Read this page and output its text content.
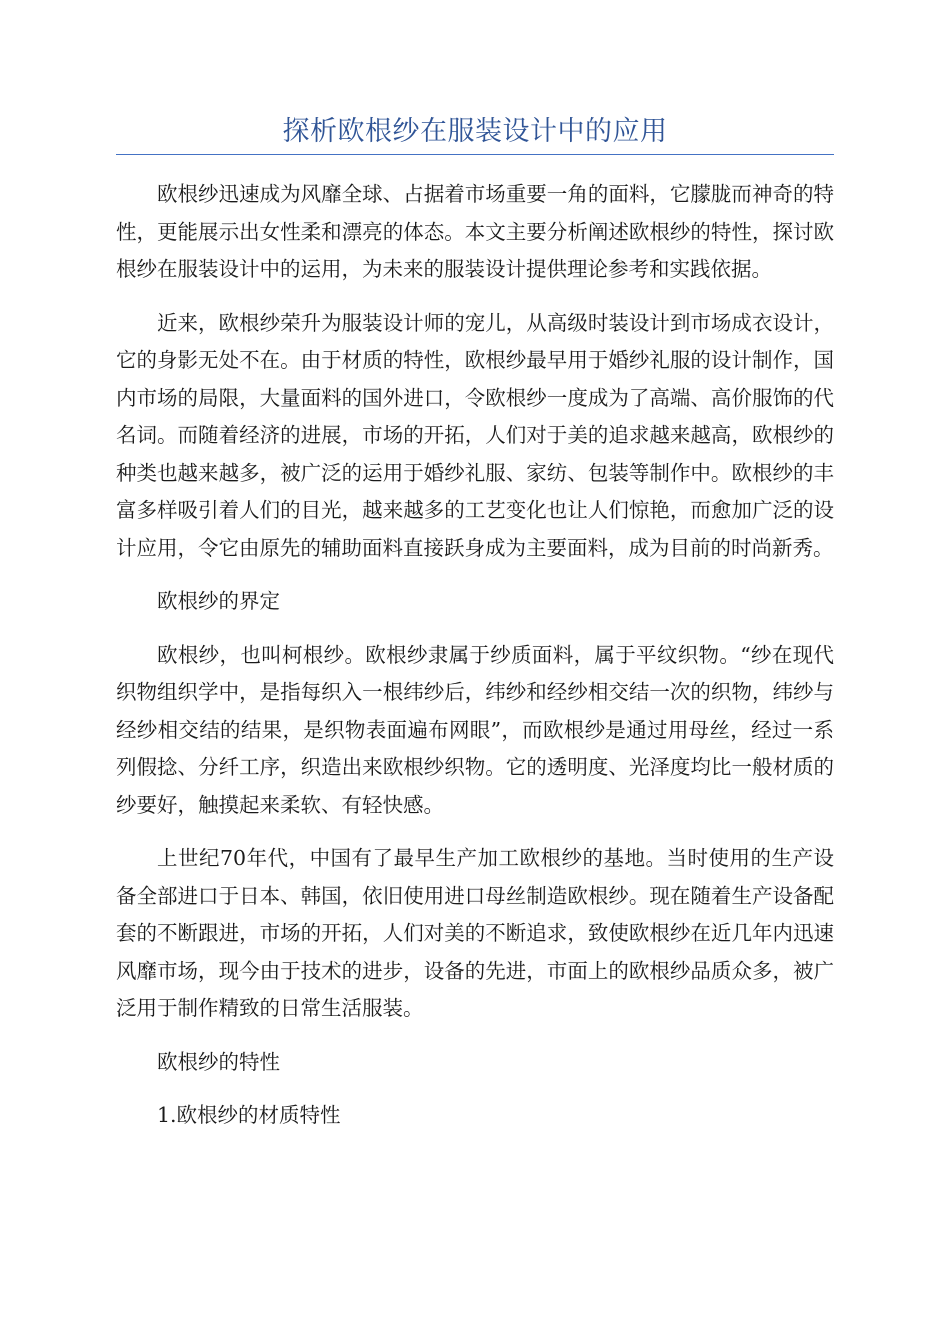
探析欧根纱在服装设计中的应用

欧根纱迅速成为风靡全球、占据着市场重要一角的面料，它朦胧而神奇的特性，更能展示出女性柔和漂亮的体态。本文主要分析阐述欧根纱的特性，探讨欧根纱在服装设计中的运用，为未来的服装设计提供理论参考和实践依据。

近来，欧根纱荣升为服装设计师的宠儿，从高级时装设计到市场成衣设计，它的身影无处不在。由于材质的特性，欧根纱最早用于婚纱礼服的设计制作，国内市场的局限，大量面料的国外进口，令欧根纱一度成为了高端、高价服饰的代名词。而随着经济的进展，市场的开拓，人们对于美的追求越来越高，欧根纱的种类也越来越多，被广泛的运用于婚纱礼服、家纺、包装等制作中。欧根纱的丰富多样吸引着人们的目光，越来越多的工艺变化也让人们惊艳，而愈加广泛的设计应用，令它由原先的辅助面料直接跃身成为主要面料，成为目前的时尚新秀。

欧根纱的界定

欧根纱，也叫柯根纱。欧根纱隶属于纱质面料，属于平纹织物。“纱在现代织物组织学中，是指每织入一根纬纱后，纬纱和经纱相交结一次的织物，纬纱与经纱相交结的结果，是织物表面遍布网眼”，而欧根纱是通过用母丝，经过一系列假捻、分纤工序，织造出来欧根纱织物。它的透明度、光泽度均比一般材质的纱要好，触摸起来柔软、有轻快感。

上世纪70年代，中国有了最早生产加工欧根纱的基地。当时使用的生产设备全部进口于日本、韩国，依旧使用进口母丝制造欧根纱。现在随着生产设备配套的不断跟进，市场的开拓，人们对美的不断追求，致使欧根纱在近几年内迅速风靡市场，现今由于技术的进步，设备的先进，市面上的欧根纱品质众多，被广泛用于制作精致的日常生活服装。

欧根纱的特性

1.欧根纱的材质特性
